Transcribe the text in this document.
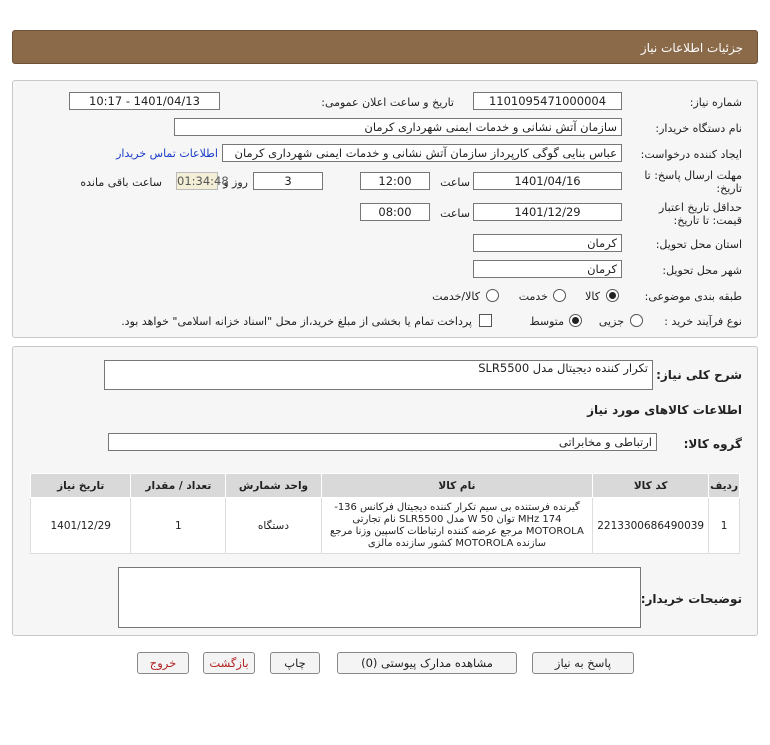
جزئیات اطلاعات نیاز
شماره نیاز:
1101095471000004
تاریخ و ساعت اعلان عمومی:
1401/04/13 - 10:17
نام دستگاه خریدار:
سازمان آتش نشانی و خدمات ایمنی شهرداری کرمان
ایجاد کننده درخواست:
عباس بنایی گوگی کارپرداز سازمان آتش نشانی و خدمات ایمنی شهرداری کرمان
اطلاعات تماس خریدار
مهلت ارسال پاسخ: تا
تاریخ:
1401/04/16
ساعت
12:00
3
روز و
01:34:48
ساعت باقی مانده
حداقل تاریخ اعتبار
قیمت: تا تاریخ:
1401/12/29
ساعت
08:00
استان محل تحویل:
کرمان
شهر محل تحویل:
کرمان
طبقه بندی موضوعی:
کالا
خدمت
کالا/خدمت
نوع فرآیند خرید :
جزیی
متوسط
پرداخت تمام یا بخشی از مبلغ خرید،از محل "اسناد خزانه اسلامی" خواهد بود.
شرح کلی نیاز:
تکرار کننده دیجیتال مدل SLR5500
اطلاعات کالاهای مورد نیاز
گروه کالا:
ارتباطی و مخابراتی
ردیف	کد کالا	نام کالا	واحد شمارش	تعداد / مقدار	تاریخ نیاز
1	2213300686490039	گیرنده فرستنده بی سیم تکرار کننده دیجیتال فرکانس 136-174 MHz توان W 50 مدل SLR5500 نام تجارتی MOTOROLA مرجع عرضه کننده ارتباطات کاسپین وزنا مرجع سازنده MOTOROLA کشور سازنده مالزی	دستگاه	1	1401/12/29
توضیحات خریدار:
پاسخ به نیاز
مشاهده مدارک پیوستی (0)
چاپ
بازگشت
خروج
